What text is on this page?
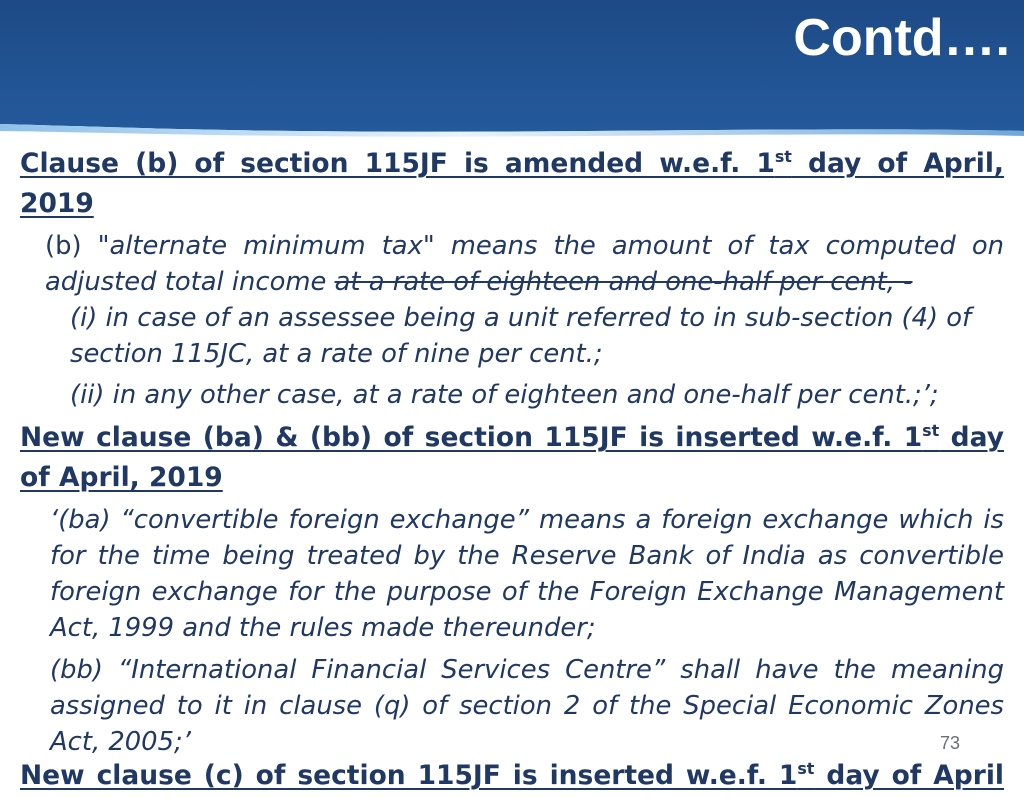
Contd….
Clause (b) of section 115JF is amended w.e.f. 1st day of April, 2019
(b) "alternate minimum tax" means the amount of tax computed on adjusted total income at a rate of eighteen and one-half per cent, -
(i) in case of an assessee being a unit referred to in sub-section (4) of section 115JC, at a rate of nine per cent.;
(ii) in any other case, at a rate of eighteen and one-half per cent.;’;
New clause (ba) & (bb) of section 115JF is inserted w.e.f. 1st day of April, 2019
‘(ba) “convertible foreign exchange” means a foreign exchange which is for the time being treated by the Reserve Bank of India as convertible foreign exchange for the purpose of the Foreign Exchange Management Act, 1999 and the rules made thereunder;
(bb) “International Financial Services Centre” shall have the meaning assigned to it in clause (q) of section 2 of the Special Economic Zones Act, 2005;’
New clause (c) of section 115JF is inserted w.e.f. 1st day of April
73
